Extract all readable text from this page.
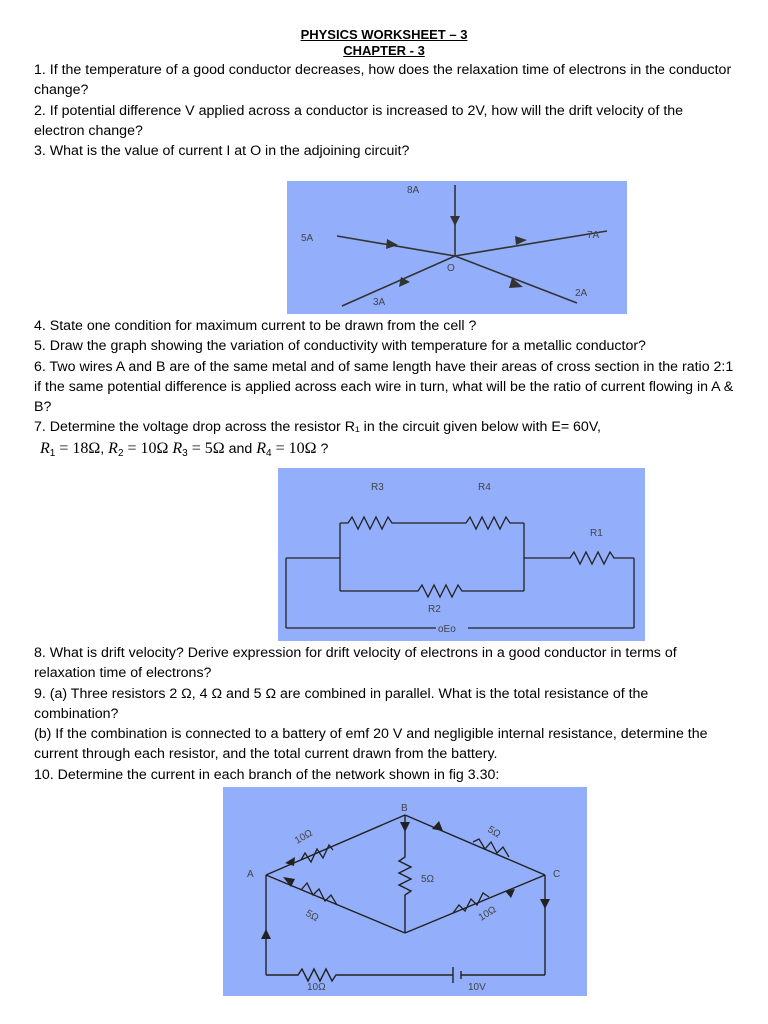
PHYSICS WORKSHEET – 3
CHAPTER - 3

1. If the temperature of a good conductor decreases, how does the relaxation time of electrons in the conductor change?

2. If potential difference V applied across a conductor is increased to 2V, how will the drift velocity of the electron change?

3. What is the value of current I at O in the adjoining circuit?

8A
5A	7A
3A
2A
O

4. State one condition for maximum current to be drawn from the cell ?

5. Draw the graph showing the variation of conductivity with temperature for a metallic conductor?

6. Two wires A and B are of the same metal and of same length have their areas of cross section in the ratio 2:1 if the same potential difference is applied across each wire in turn, what will be the ratio of current flowing in A & B?

7. Determine the voltage drop across the resistor R₁ in the circuit given below with E= 60V,

$R_1 = 18\Omega$, $R_2 = 10\Omega$ $R_3 = 5\Omega$ and $R_4 = 10\Omega$ ?
R3	R4
R1
R2
oEo

8. What is drift velocity? Derive expression for drift velocity of electrons in a good conductor in terms of relaxation time of electrons?

9. (a) Three resistors 2 Ω, 4 Ω and 5 Ω are combined in parallel. What is the total resistance of the combination?

(b) If the combination is connected to a battery of emf 20 V and negligible internal resistance, determine the current through each resistor, and the total current drawn from the battery.

10. Determine the current in each branch of the network shown in fig 3.30:

B
A	C
10Ω	5Ω
5Ω
5Ω	10Ω
10Ω	10V
